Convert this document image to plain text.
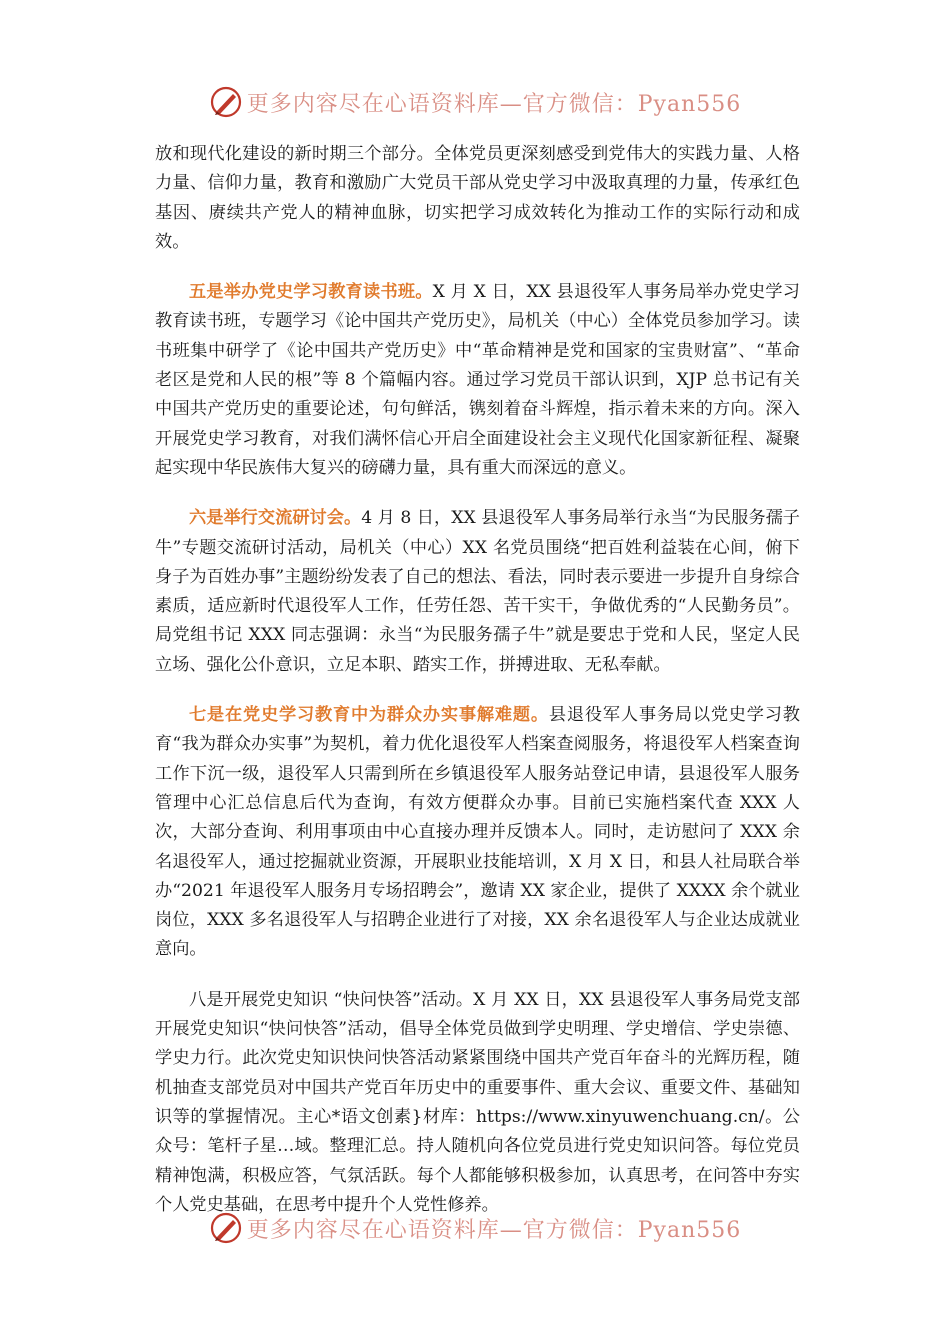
更多内容尽在心语资料库—官方微信：Pyan556

放和现代化建设的新时期三个部分。全体党员更深刻感受到党伟大的实践力量、人格力量、信仰力量，教育和激励广大党员干部从党史学习中汲取真理的力量，传承红色基因、赓续共产党人的精神血脉，切实把学习成效转化为推动工作的实际行动和成效。

五是举办党史学习教育读书班。X 月 X 日，XX 县退役军人事务局举办党史学习教育读书班，专题学习《论中国共产党历史》，局机关（中心）全体党员参加学习。读书班集中研学了《论中国共产党历史》中“革命精神是党和国家的宝贵财富”、“革命老区是党和人民的根”等 8 个篇幅内容。通过学习党员干部认识到，XJP 总书记有关中国共产党历史的重要论述，句句鲜活，镌刻着奋斗辉煌，指示着未来的方向。深入开展党史学习教育，对我们满怀信心开启全面建设社会主义现代化国家新征程、凝聚起实现中华民族伟大复兴的磅礴力量，具有重大而深远的意义。

六是举行交流研讨会。4 月 8 日，XX 县退役军人事务局举行永当“为民服务孺子牛”专题交流研讨活动，局机关（中心）XX 名党员围绕“把百姓利益装在心间，俯下身子为百姓办事”主题纷纷发表了自己的想法、看法，同时表示要进一步提升自身综合素质，适应新时代退役军人工作，任劳任怨、苦干实干，争做优秀的“人民勤务员”。局党组书记 XXX 同志强调：永当“为民服务孺子牛”就是要忠于党和人民，坚定人民立场、强化公仆意识，立足本职、踏实工作，拼搏进取、无私奉献。

七是在党史学习教育中为群众办实事解难题。县退役军人事务局以党史学习教育“我为群众办实事”为契机，着力优化退役军人档案查阅服务，将退役军人档案查询工作下沉一级，退役军人只需到所在乡镇退役军人服务站登记申请，县退役军人服务管理中心汇总信息后代为查询，有效方便群众办事。目前已实施档案代查 XXX 人次，大部分查询、利用事项由中心直接办理并反馈本人。同时，走访慰问了 XXX 余名退役军人，通过挖掘就业资源，开展职业技能培训，X 月 X 日，和县人社局联合举办“2021 年退役军人服务月专场招聘会”，邀请 XX 家企业，提供了 XXXX 余个就业岗位，XXX 多名退役军人与招聘企业进行了对接，XX 余名退役军人与企业达成就业意向。

八是开展党史知识 “快问快答”活动。X 月 XX 日，XX 县退役军人事务局党支部开展党史知识“快问快答”活动，倡导全体党员做到学史明理、学史增信、学史崇德、学史力行。此次党史知识快问快答活动紧紧围绕中国共产党百年奋斗的光辉历程，随机抽查支部党员对中国共产党百年历史中的重要事件、重大会议、重要文件、基础知识等的掌握情况。主心*语文创素}材库：https://www.xinyuwenchuang.cn/。公众号：笔杆子星…域。整理汇总。持人随机向各位党员进行党史知识问答。每位党员精神饱满，积极应答，气氛活跃。每个人都能够积极参加，认真思考，在问答中夯实个人党史基础，在思考中提升个人党性修养。

更多内容尽在心语资料库—官方微信：Pyan556
